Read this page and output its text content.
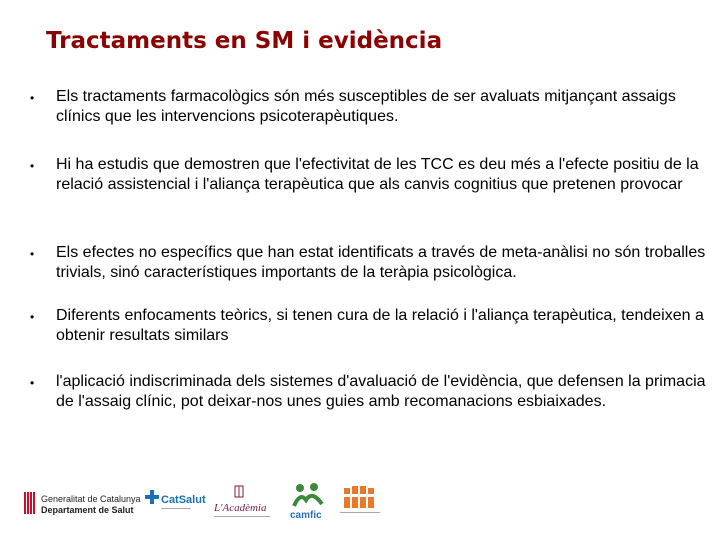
Tractaments en SM i evidència
• Els tractaments farmacològics són més susceptibles de ser avaluats mitjançant assaigs clínics que les intervencions psicoterapèutiques.

• Hi ha estudis que demostren que l'efectivitat de les TCC es deu més a l'efecte positiu de la relació assistencial i l'aliança terapèutica que als canvis cognitius que pretenen provocar

• Els efectes no específics que han estat identificats a través de meta-anàlisi no són troballes trivials, sinó característiques importants de la teràpia psicològica.

• Diferents enfocaments teòrics, si tenen cura de la relació i l'aliança terapèutica, tendeixen a obtenir resultats similars

• l'aplicació indiscriminada dels sistemes d'avaluació de l'evidència, que defensen la primacia de l'assaig clínic, pot deixar-nos unes guies amb recomanacions esbiaixades.

Generalitat de Catalunya
Departament de Salut
CatSalut
L'Acadèmia
camfic
